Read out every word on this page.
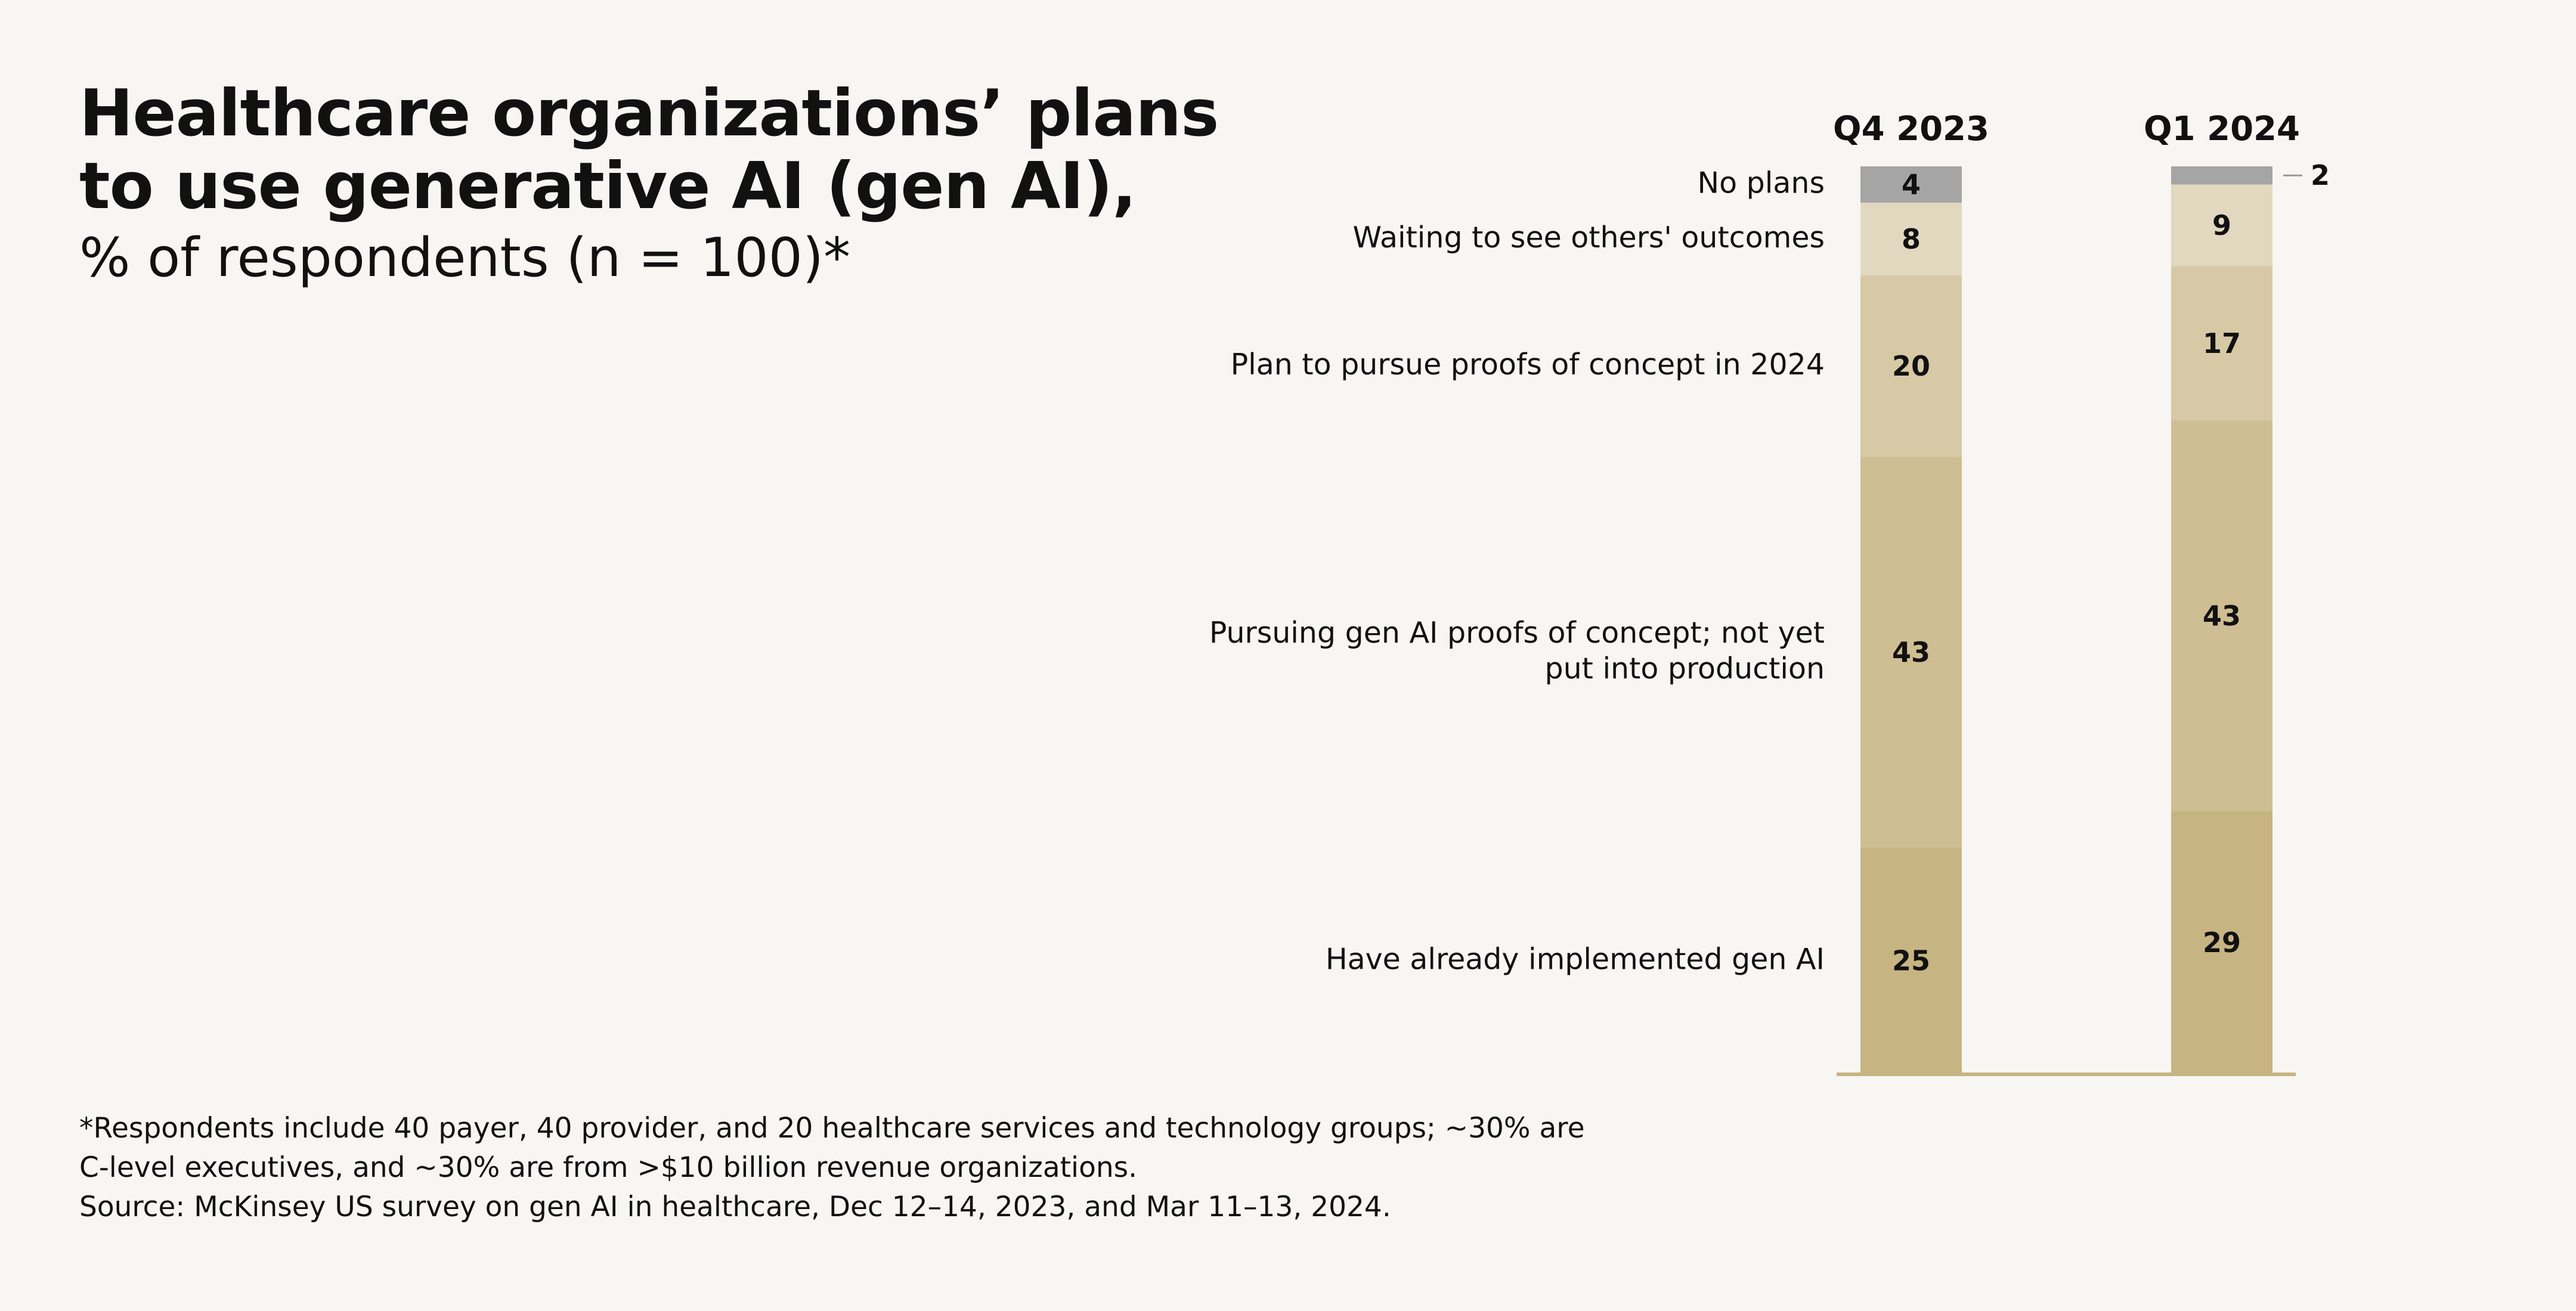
Healthcare organizations’ plans
to use generative AI (gen AI),
% of respondents (n = 100)*
Q4 2023	Q1 2024
25
43
20
8
4
29
43
17
9
2
Have already implemented gen AI
Pursuing gen AI proofs of concept; not yet put into production
Plan to pursue proofs of concept in 2024
Waiting to see others' outcomes
No plans
*Respondents include 40 payer, 40 provider, and 20 healthcare services and technology groups; ~30% are
C-level executives, and ~30% are from >$10 billion revenue organizations.
Source: McKinsey US survey on gen AI in healthcare, Dec 12–14, 2023, and Mar 11–13, 2024.
